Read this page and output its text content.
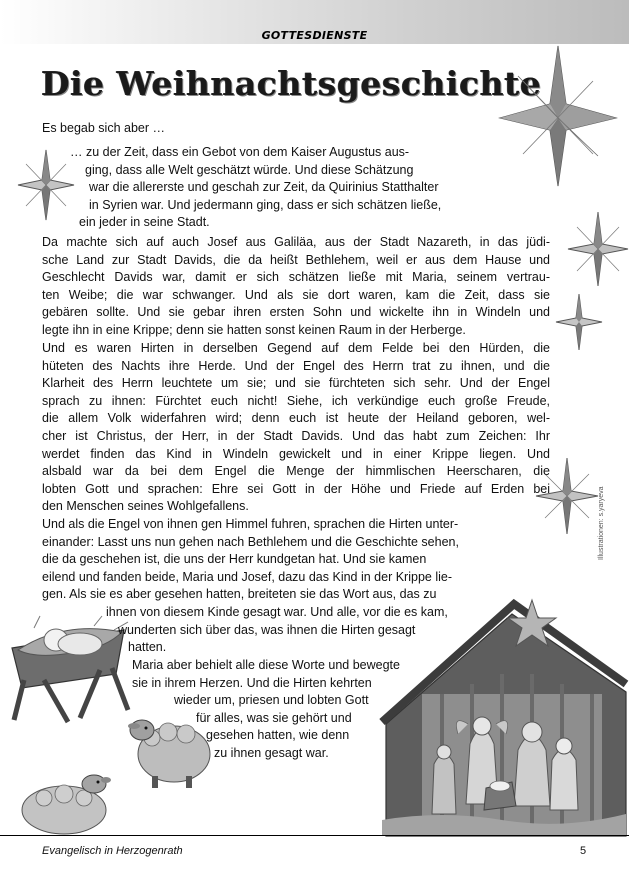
GOTTESDIENSTE
Die Weihnachtsgeschichte
Es begab sich aber …
… zu der Zeit, dass ein Gebot von dem Kaiser Augustus aus-
ging, dass alle Welt geschätzt würde. Und diese Schätzung
war die allererste und geschah zur Zeit, da Quirinius Statthalter
in Syrien war. Und jedermann ging, dass er sich schätzen ließe,
ein jeder in seine Stadt.
Da machte sich auf auch Josef aus Galiläa, aus der Stadt Nazareth, in das jüdi-
sche Land zur Stadt Davids, die da heißt Bethlehem, weil er aus dem Hause und
Geschlecht Davids war, damit er sich schätzen ließe mit Maria, seinem vertrau-
ten Weibe; die war schwanger. Und als sie dort waren, kam die Zeit, dass sie
gebären sollte. Und sie gebar ihren ersten Sohn und wickelte ihn in Windeln und
legte ihn in eine Krippe; denn sie hatten sonst keinen Raum in der Herberge.
Und es waren Hirten in derselben Gegend auf dem Felde bei den Hürden, die
hüteten des Nachts ihre Herde. Und der Engel des Herrn trat zu ihnen, und die
Klarheit des Herrn leuchtete um sie; und sie fürchteten sich sehr. Und der Engel
sprach zu ihnen: Fürchtet euch nicht! Siehe, ich verkündige euch große Freude,
die allem Volk widerfahren wird; denn euch ist heute der Heiland geboren, wel-
cher ist Christus, der Herr, in der Stadt Davids. Und das habt zum Zeichen: Ihr
werdet finden das Kind in Windeln gewickelt und in einer Krippe liegen. Und
alsbald war da bei dem Engel die Menge der himmlischen Heerscharen, die
lobten Gott und sprachen: Ehre sei Gott in der Höhe und Friede auf Erden bei
den Menschen seines Wohlgefallens.
Und als die Engel von ihnen gen Himmel fuhren, sprachen die Hirten unter-
einander: Lasst uns nun gehen nach Bethlehem und die Geschichte sehen,
die da geschehen ist, die uns der Herr kundgetan hat. Und sie kamen
eilend und fanden beide, Maria und Josef, dazu das Kind in der Krippe lie-
gen. Als sie es aber gesehen hatten, breiteten sie das Wort aus, das zu
ihnen von diesem Kinde gesagt war. Und alle, vor die es kam,
wunderten sich über das, was ihnen die Hirten gesagt
hatten.
Maria aber behielt alle diese Worte und bewegte
sie in ihrem Herzen. Und die Hirten kehrten
wieder um, priesen und lobten Gott
für alles, was sie gehört und
gesehen hatten, wie denn
zu ihnen gesagt war.
Illustrationen: s.yaryeva
Evangelisch in Herzogenrath	5
